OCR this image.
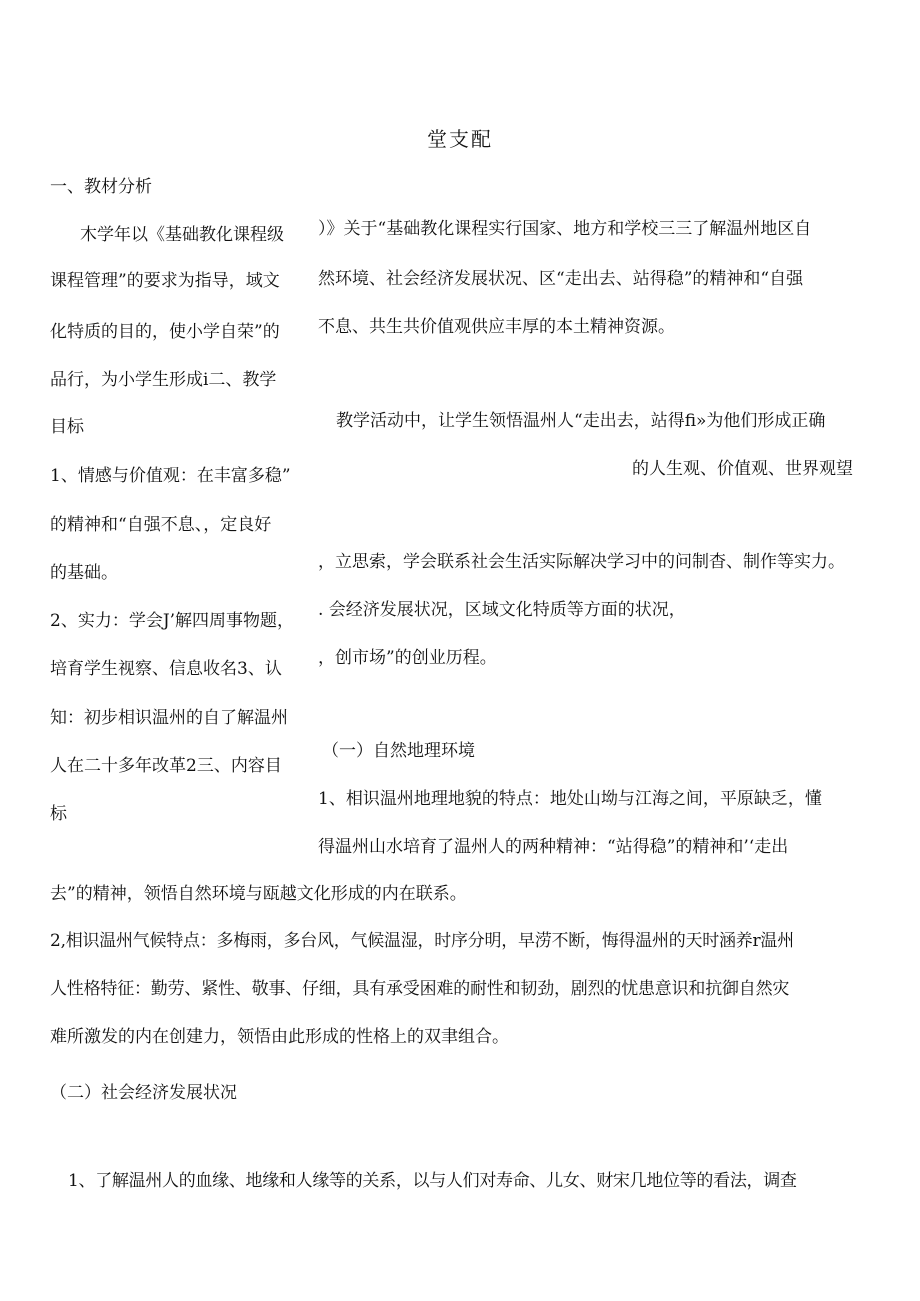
堂支配
一、教材分析
木学年以《基础教化课程级
课程管理”的要求为指导，域文
化特质的目的，使小学自荣”的
品行，为小学生形成i二、教学
目标
1、情感与价值观：在丰富多稳”
的精神和“自强不息、，定良好
的基础。
2、实力：学会J’解四周事物题，
培育学生视察、信息收名3、认
知：初步相识温州的自了解温州
人在二十多年改革2三、内容目
标
）》关于“基础教化课程实行国家、地方和学校三三了解温州地区自
然环境、社会经济发展状况、区“走出去、站得稳”的精神和“自强
不息、共生共价值观供应丰厚的本土精神资源。
教学活动中，让学生领悟温州人“走出去，站得fi»为他们形成正确
的人生观、价值观、世界观望
，立思索，学会联系社会生活实际解决学习中的问制杳、制作等实力。
. 会经济发展状况，区域文化特质等方面的状况，
，创市场”的创业历程。
（一）自然地理环境
1、相识温州地理地貌的特点：地处山坳与江海之间，平原缺乏，懂
得温州山水培育了温州人的两种精神：“站得稳”的精神和’‘走出
去”的精神，领悟自然环境与瓯越文化形成的内在联系。
2,相识温州气候特点：多梅雨，多台风，气候温湿，时序分明，早涝不断，悔得温州的天时涵养r温州
人性格特征：勤劳、紧性、敬事、仔细，具有承受困难的耐性和韧劲，剧烈的忧患意识和抗御自然灾
难所激发的内在创建力，领悟由此形成的性格上的双聿组合。
（二）社会经济发展状况
1、了解温州人的血缘、地缘和人缘等的关系，以与人们对寿命、儿女、财宋几地位等的看法，调查
